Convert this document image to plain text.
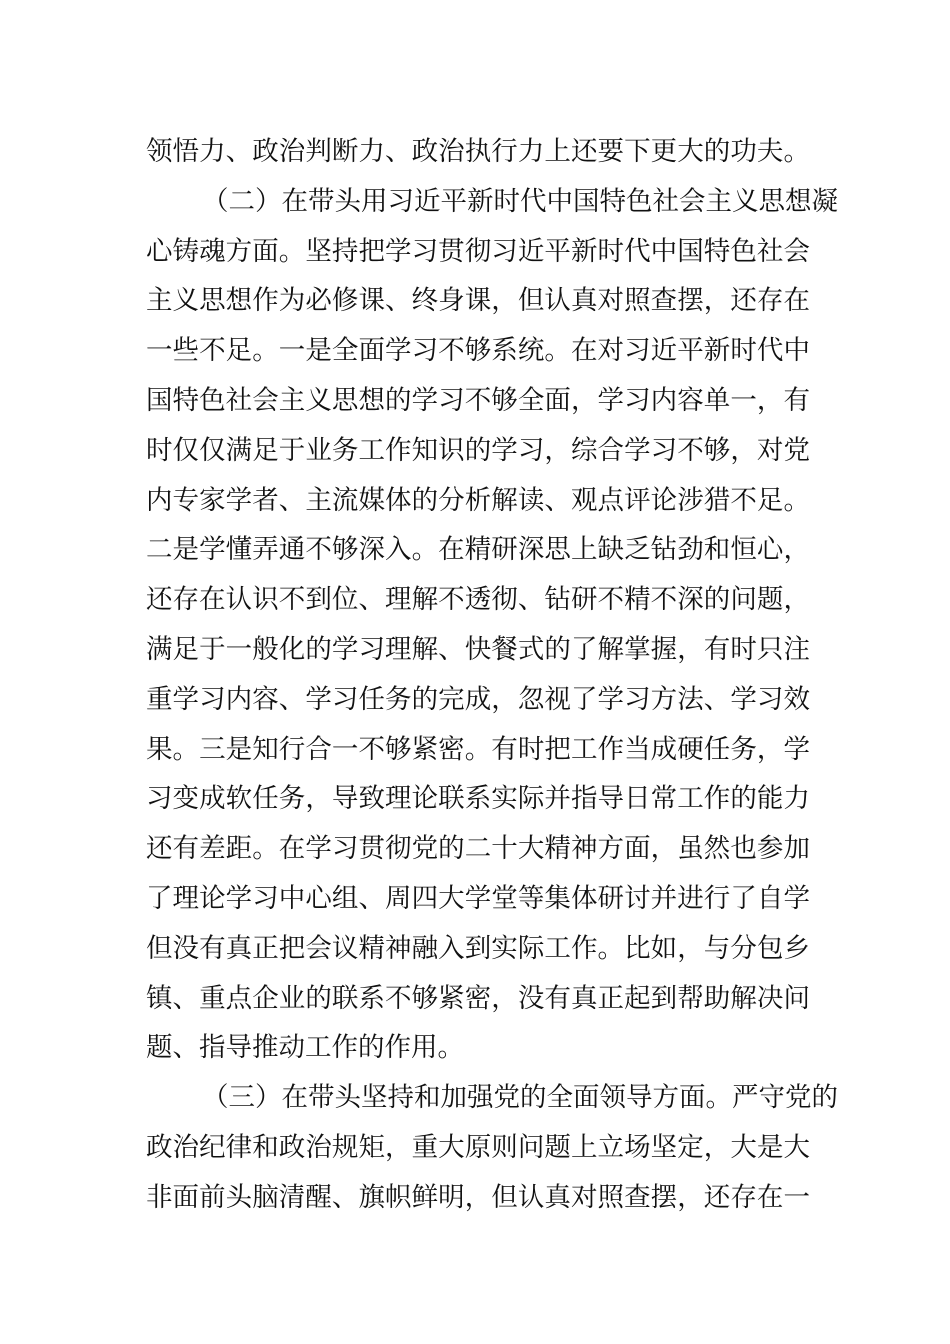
领悟力、政治判断力、政治执行力上还要下更大的功夫。
（二）在带头用习近平新时代中国特色社会主义思想凝
心铸魂方面。坚持把学习贯彻习近平新时代中国特色社会
主义思想作为必修课、终身课，但认真对照查摆，还存在
一些不足。一是全面学习不够系统。在对习近平新时代中
国特色社会主义思想的学习不够全面，学习内容单一，有
时仅仅满足于业务工作知识的学习，综合学习不够，对党
内专家学者、主流媒体的分析解读、观点评论涉猎不足。
二是学懂弄通不够深入。在精研深思上缺乏钻劲和恒心，
还存在认识不到位、理解不透彻、钻研不精不深的问题，
满足于一般化的学习理解、快餐式的了解掌握，有时只注
重学习内容、学习任务的完成，忽视了学习方法、学习效
果。三是知行合一不够紧密。有时把工作当成硬任务，学
习变成软任务，导致理论联系实际并指导日常工作的能力
还有差距。在学习贯彻党的二十大精神方面，虽然也参加
了理论学习中心组、周四大学堂等集体研讨并进行了自学
但没有真正把会议精神融入到实际工作。比如，与分包乡
镇、重点企业的联系不够紧密，没有真正起到帮助解决问
题、指导推动工作的作用。
（三）在带头坚持和加强党的全面领导方面。严守党的
政治纪律和政治规矩，重大原则问题上立场坚定，大是大
非面前头脑清醒、旗帜鲜明，但认真对照查摆，还存在一
